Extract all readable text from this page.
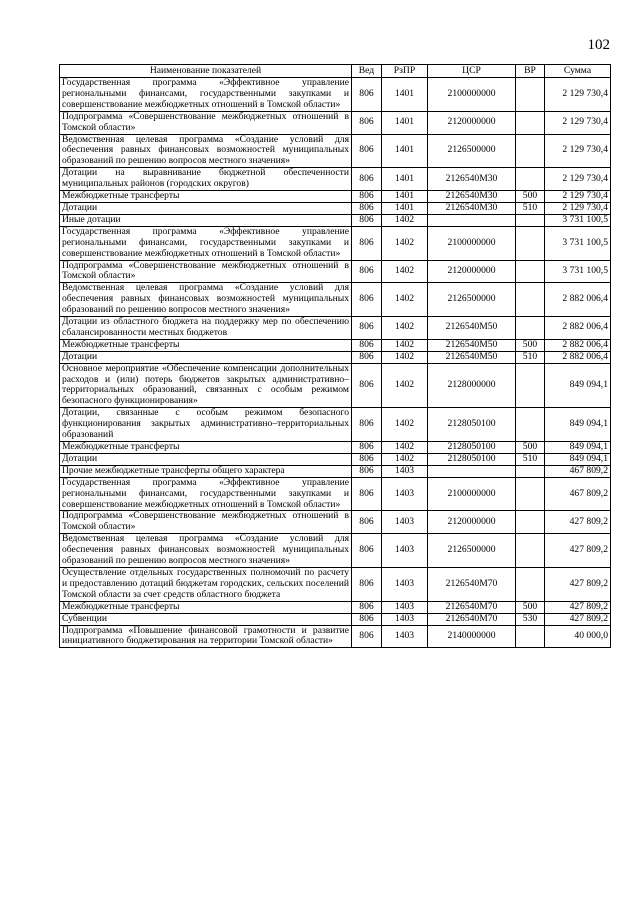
102
Наименование показателей	Вед	РзПР	ЦСР	ВР	Сумма
Государственная программа «Эффективное управление региональными финансами, государственными закупками и совершенствование межбюджетных отношений в Томской области»	806	1401	2100000000		2 129 730,4
Подпрограмма «Совершенствование межбюджетных отношений в Томской области»	806	1401	2120000000		2 129 730,4
Ведомственная целевая программа «Создание условий для обеспечения равных финансовых возможностей муниципальных образований по решению вопросов местного значения»	806	1401	2126500000		2 129 730,4
Дотации на выравнивание бюджетной обеспеченности муниципальных районов (городских округов)	806	1401	2126540М30		2 129 730,4
Межбюджетные трансферты	806	1401	2126540М30	500	2 129 730,4
Дотации	806	1401	2126540М30	510	2 129 730,4
Иные дотации	806	1402			3 731 100,5
Государственная программа «Эффективное управление региональными финансами, государственными закупками и совершенствование межбюджетных отношений в Томской области»	806	1402	2100000000		3 731 100,5
Подпрограмма «Совершенствование межбюджетных отношений в Томской области»	806	1402	2120000000		3 731 100,5
Ведомственная целевая программа «Создание условий для обеспечения равных финансовых возможностей муниципальных образований по решению вопросов местного значения»	806	1402	2126500000		2 882 006,4
Дотации из областного бюджета на поддержку мер по обеспечению сбалансированности местных бюджетов	806	1402	2126540М50		2 882 006,4
Межбюджетные трансферты	806	1402	2126540М50	500	2 882 006,4
Дотации	806	1402	2126540М50	510	2 882 006,4
Основное мероприятие «Обеспечение компенсации дополнительных расходов и (или) потерь бюджетов закрытых административно–территориальных образований, связанных с особым режимом безопасного функционирования»	806	1402	2128000000		849 094,1
Дотации, связанные с особым режимом безопасного функционирования закрытых административно–территориальных образований	806	1402	2128050100		849 094,1
Межбюджетные трансферты	806	1402	2128050100	500	849 094,1
Дотации	806	1402	2128050100	510	849 094,1
Прочие межбюджетные трансферты общего характера	806	1403			467 809,2
Государственная программа «Эффективное управление региональными финансами, государственными закупками и совершенствование межбюджетных отношений в Томской области»	806	1403	2100000000		467 809,2
Подпрограмма «Совершенствование межбюджетных отношений в Томской области»	806	1403	2120000000		427 809,2
Ведомственная целевая программа «Создание условий для обеспечения равных финансовых возможностей муниципальных образований по решению вопросов местного значения»	806	1403	2126500000		427 809,2
Осуществление отдельных государственных полномочий по расчету и предоставлению дотаций бюджетам городских, сельских поселений Томской области за счет средств областного бюджета	806	1403	2126540М70		427 809,2
Межбюджетные трансферты	806	1403	2126540М70	500	427 809,2
Субвенции	806	1403	2126540М70	530	427 809,2
Подпрограмма «Повышение финансовой грамотности и развитие инициативного бюджетирования на территории Томской области»	806	1403	2140000000		40 000,0
